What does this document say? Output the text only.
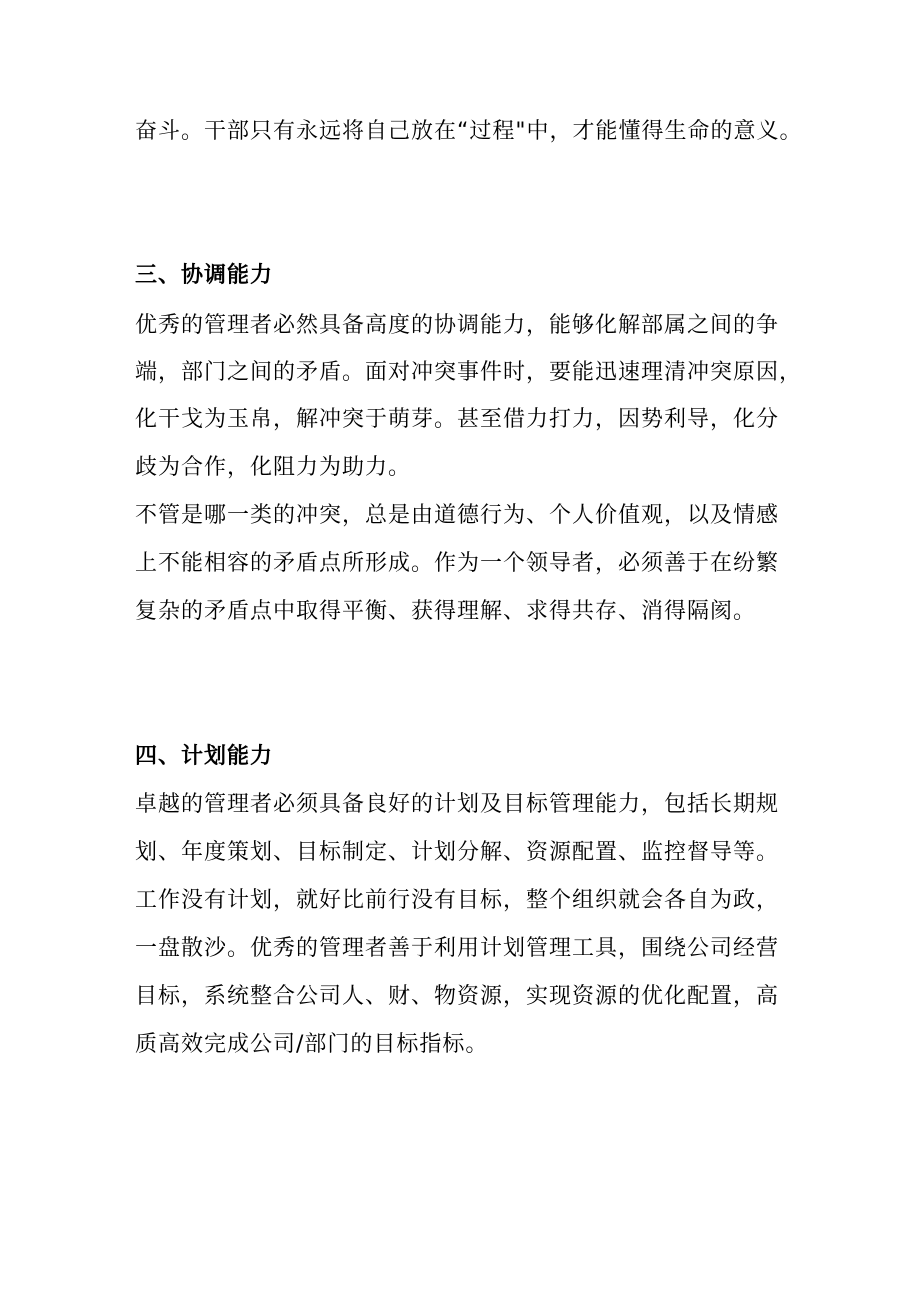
奋斗。干部只有永远将自己放在“过程"中，才能懂得生命的意义。
三、协调能力
优秀的管理者必然具备高度的协调能力，能够化解部属之间的争
端，部门之间的矛盾。面对冲突事件时，要能迅速理清冲突原因，
化干戈为玉帛，解冲突于萌芽。甚至借力打力，因势利导，化分
歧为合作，化阻力为助力。
不管是哪一类的冲突，总是由道德行为、个人价值观，以及情感
上不能相容的矛盾点所形成。作为一个领导者，必须善于在纷繁
复杂的矛盾点中取得平衡、获得理解、求得共存、消得隔阂。
四、计划能力
卓越的管理者必须具备良好的计划及目标管理能力，包括长期规
划、年度策划、目标制定、计划分解、资源配置、监控督导等。
工作没有计划，就好比前行没有目标，整个组织就会各自为政，
一盘散沙。优秀的管理者善于利用计划管理工具，围绕公司经营
目标，系统整合公司人、财、物资源，实现资源的优化配置，高
质高效完成公司/部门的目标指标。
